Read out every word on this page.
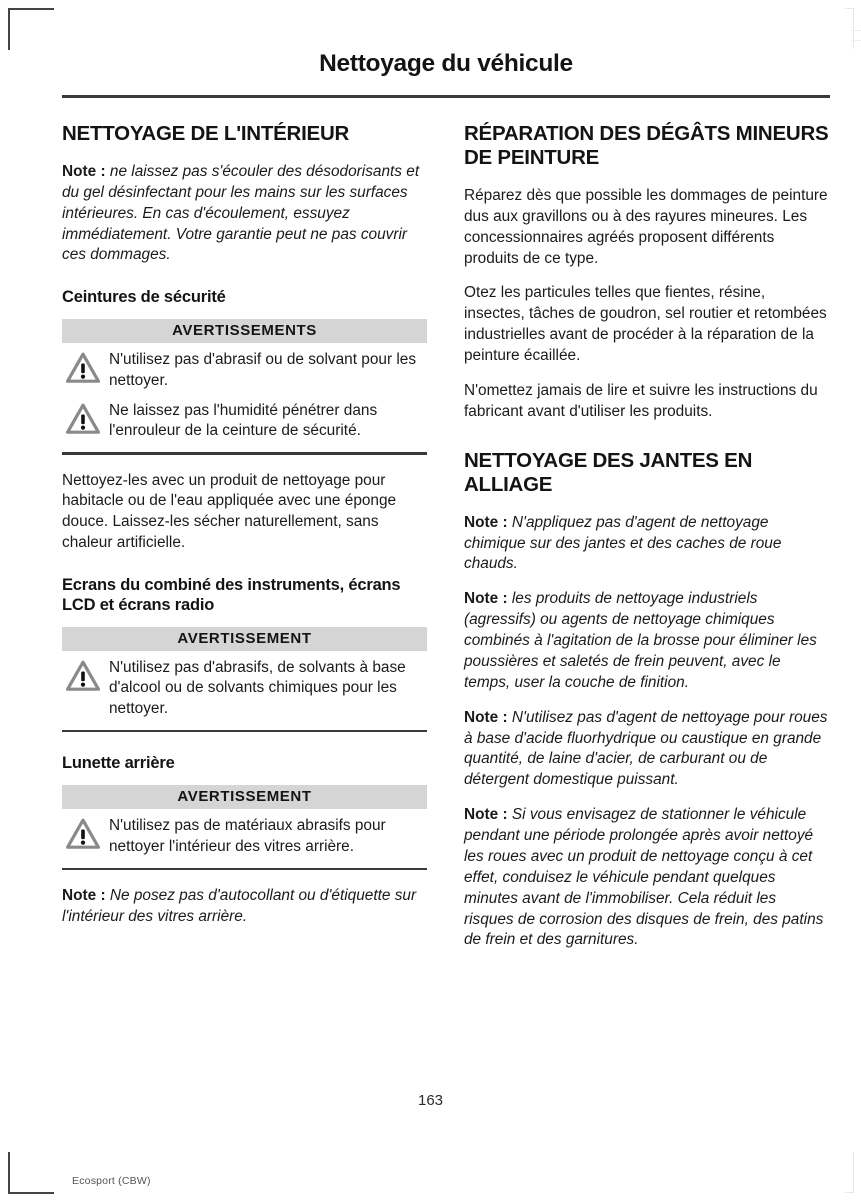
Nettoyage du véhicule
NETTOYAGE DE L'INTÉRIEUR

Note : ne laissez pas s'écouler des désodorisants et du gel désinfectant pour les mains sur les surfaces intérieures. En cas d'écoulement, essuyez immédiatement. Votre garantie peut ne pas couvrir ces dommages.

Ceintures de sécurité
AVERTISSEMENTS
N'utilisez pas d'abrasif ou de solvant pour les nettoyer.
Ne laissez pas l'humidité pénétrer dans l'enrouleur de la ceinture de sécurité.

Nettoyez-les avec un produit de nettoyage pour habitacle ou de l'eau appliquée avec une éponge douce. Laissez-les sécher naturellement, sans chaleur artificielle.

Ecrans du combiné des instruments, écrans LCD et écrans radio
AVERTISSEMENT
N'utilisez pas d'abrasifs, de solvants à base d'alcool ou de solvants chimiques pour les nettoyer.
Lunette arrière
AVERTISSEMENT
N'utilisez pas de matériaux abrasifs pour nettoyer l'intérieur des vitres arrière.

Note : Ne posez pas d'autocollant ou d'étiquette sur l'intérieur des vitres arrière.

RÉPARATION DES DÉGÂTS MINEURS DE PEINTURE

Réparez dès que possible les dommages de peinture dus aux gravillons ou à des rayures mineures. Les concessionnaires agréés proposent différents produits de ce type.

Otez les particules telles que fientes, résine, insectes, tâches de goudron, sel routier et retombées industrielles avant de procéder à la réparation de la peinture écaillée.

N'omettez jamais de lire et suivre les instructions du fabricant avant d'utiliser les produits.

NETTOYAGE DES JANTES EN ALLIAGE

Note : N'appliquez pas d'agent de nettoyage chimique sur des jantes et des caches de roue chauds.

Note : les produits de nettoyage industriels (agressifs) ou agents de nettoyage chimiques combinés à l'agitation de la brosse pour éliminer les poussières et saletés de frein peuvent, avec le temps, user la couche de finition.

Note : N'utilisez pas d'agent de nettoyage pour roues à base d'acide fluorhydrique ou caustique en grande quantité, de laine d'acier, de carburant ou de détergent domestique puissant.

Note : Si vous envisagez de stationner le véhicule pendant une période prolongée après avoir nettoyé les roues avec un produit de nettoyage conçu à cet effet, conduisez le véhicule pendant quelques minutes avant de l'immobiliser. Cela réduit les risques de corrosion des disques de frein, des patins de frein et des garnitures.

163
Ecosport (CBW)
